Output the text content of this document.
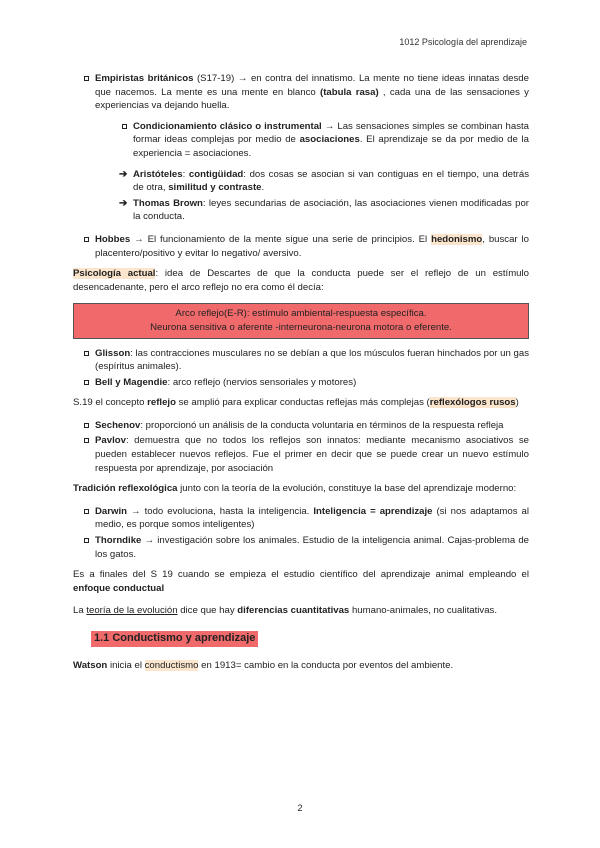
1012 Psicología del aprendizaje
Empiristas británicos (S17-19) → en contra del innatismo. La mente no tiene ideas innatas desde que nacemos. La mente es una mente en blanco (tabula rasa) , cada una de las sensaciones y experiencias va dejando huella.
Condicionamiento clásico o instrumental → Las sensaciones simples se combinan hasta formar ideas complejas por medio de asociaciones. El aprendizaje se da por medio de la experiencia = asociaciones.
➔ Aristóteles: contigüidad: dos cosas se asocian si van contiguas en el tiempo, una detrás de otra, similitud y contraste.
➔ Thomas Brown: leyes secundarias de asociación, las asociaciones vienen modificadas por la conducta.
Hobbes → El funcionamiento de la mente sigue una serie de principios. El hedonismo, buscar lo placentero/positivo y evitar lo negativo/ aversivo.

Psicología actual: idea de Descartes de que la conducta puede ser el reflejo de un estímulo desencadenante, pero el arco reflejo no era como él decía:

Arco reflejo(E-R): estímulo ambiental-respuesta específica.
Neurona sensitiva o aferente -interneurona-neurona motora o eferente.
Glisson: las contracciones musculares no se debían a que los músculos fueran hinchados por un gas (espíritus animales).
Bell y Magendie: arco reflejo (nervios sensoriales y motores)

S.19 el concepto reflejo se amplió para explicar conductas reflejas más complejas (reflexólogos rusos)

Sechenov: proporcionó un análisis de la conducta voluntaria en términos de la respuesta refleja
Pavlov: demuestra que no todos los reflejos son innatos: mediante mecanismo asociativos se pueden establecer nuevos reflejos. Fue el primer en decir que se puede crear un nuevo estímulo respuesta por aprendizaje, por asociación

Tradición reflexológica junto con la teoría de la evolución, constituye la base del aprendizaje moderno:

Darwin → todo evoluciona, hasta la inteligencia. Inteligencia = aprendizaje (si nos adaptamos al medio, es porque somos inteligentes)
Thorndike → investigación sobre los animales. Estudio de la inteligencia animal. Cajas-problema de los gatos.

Es a finales del S 19 cuando se empieza el estudio científico del aprendizaje animal empleando el enfoque conductual

La teoría de la evolución dice que hay diferencias cuantitativas humano-animales, no cualitativas.

1.1 Conductismo y aprendizaje

Watson inicia el conductismo en 1913= cambio en la conducta por eventos del ambiente.

2
